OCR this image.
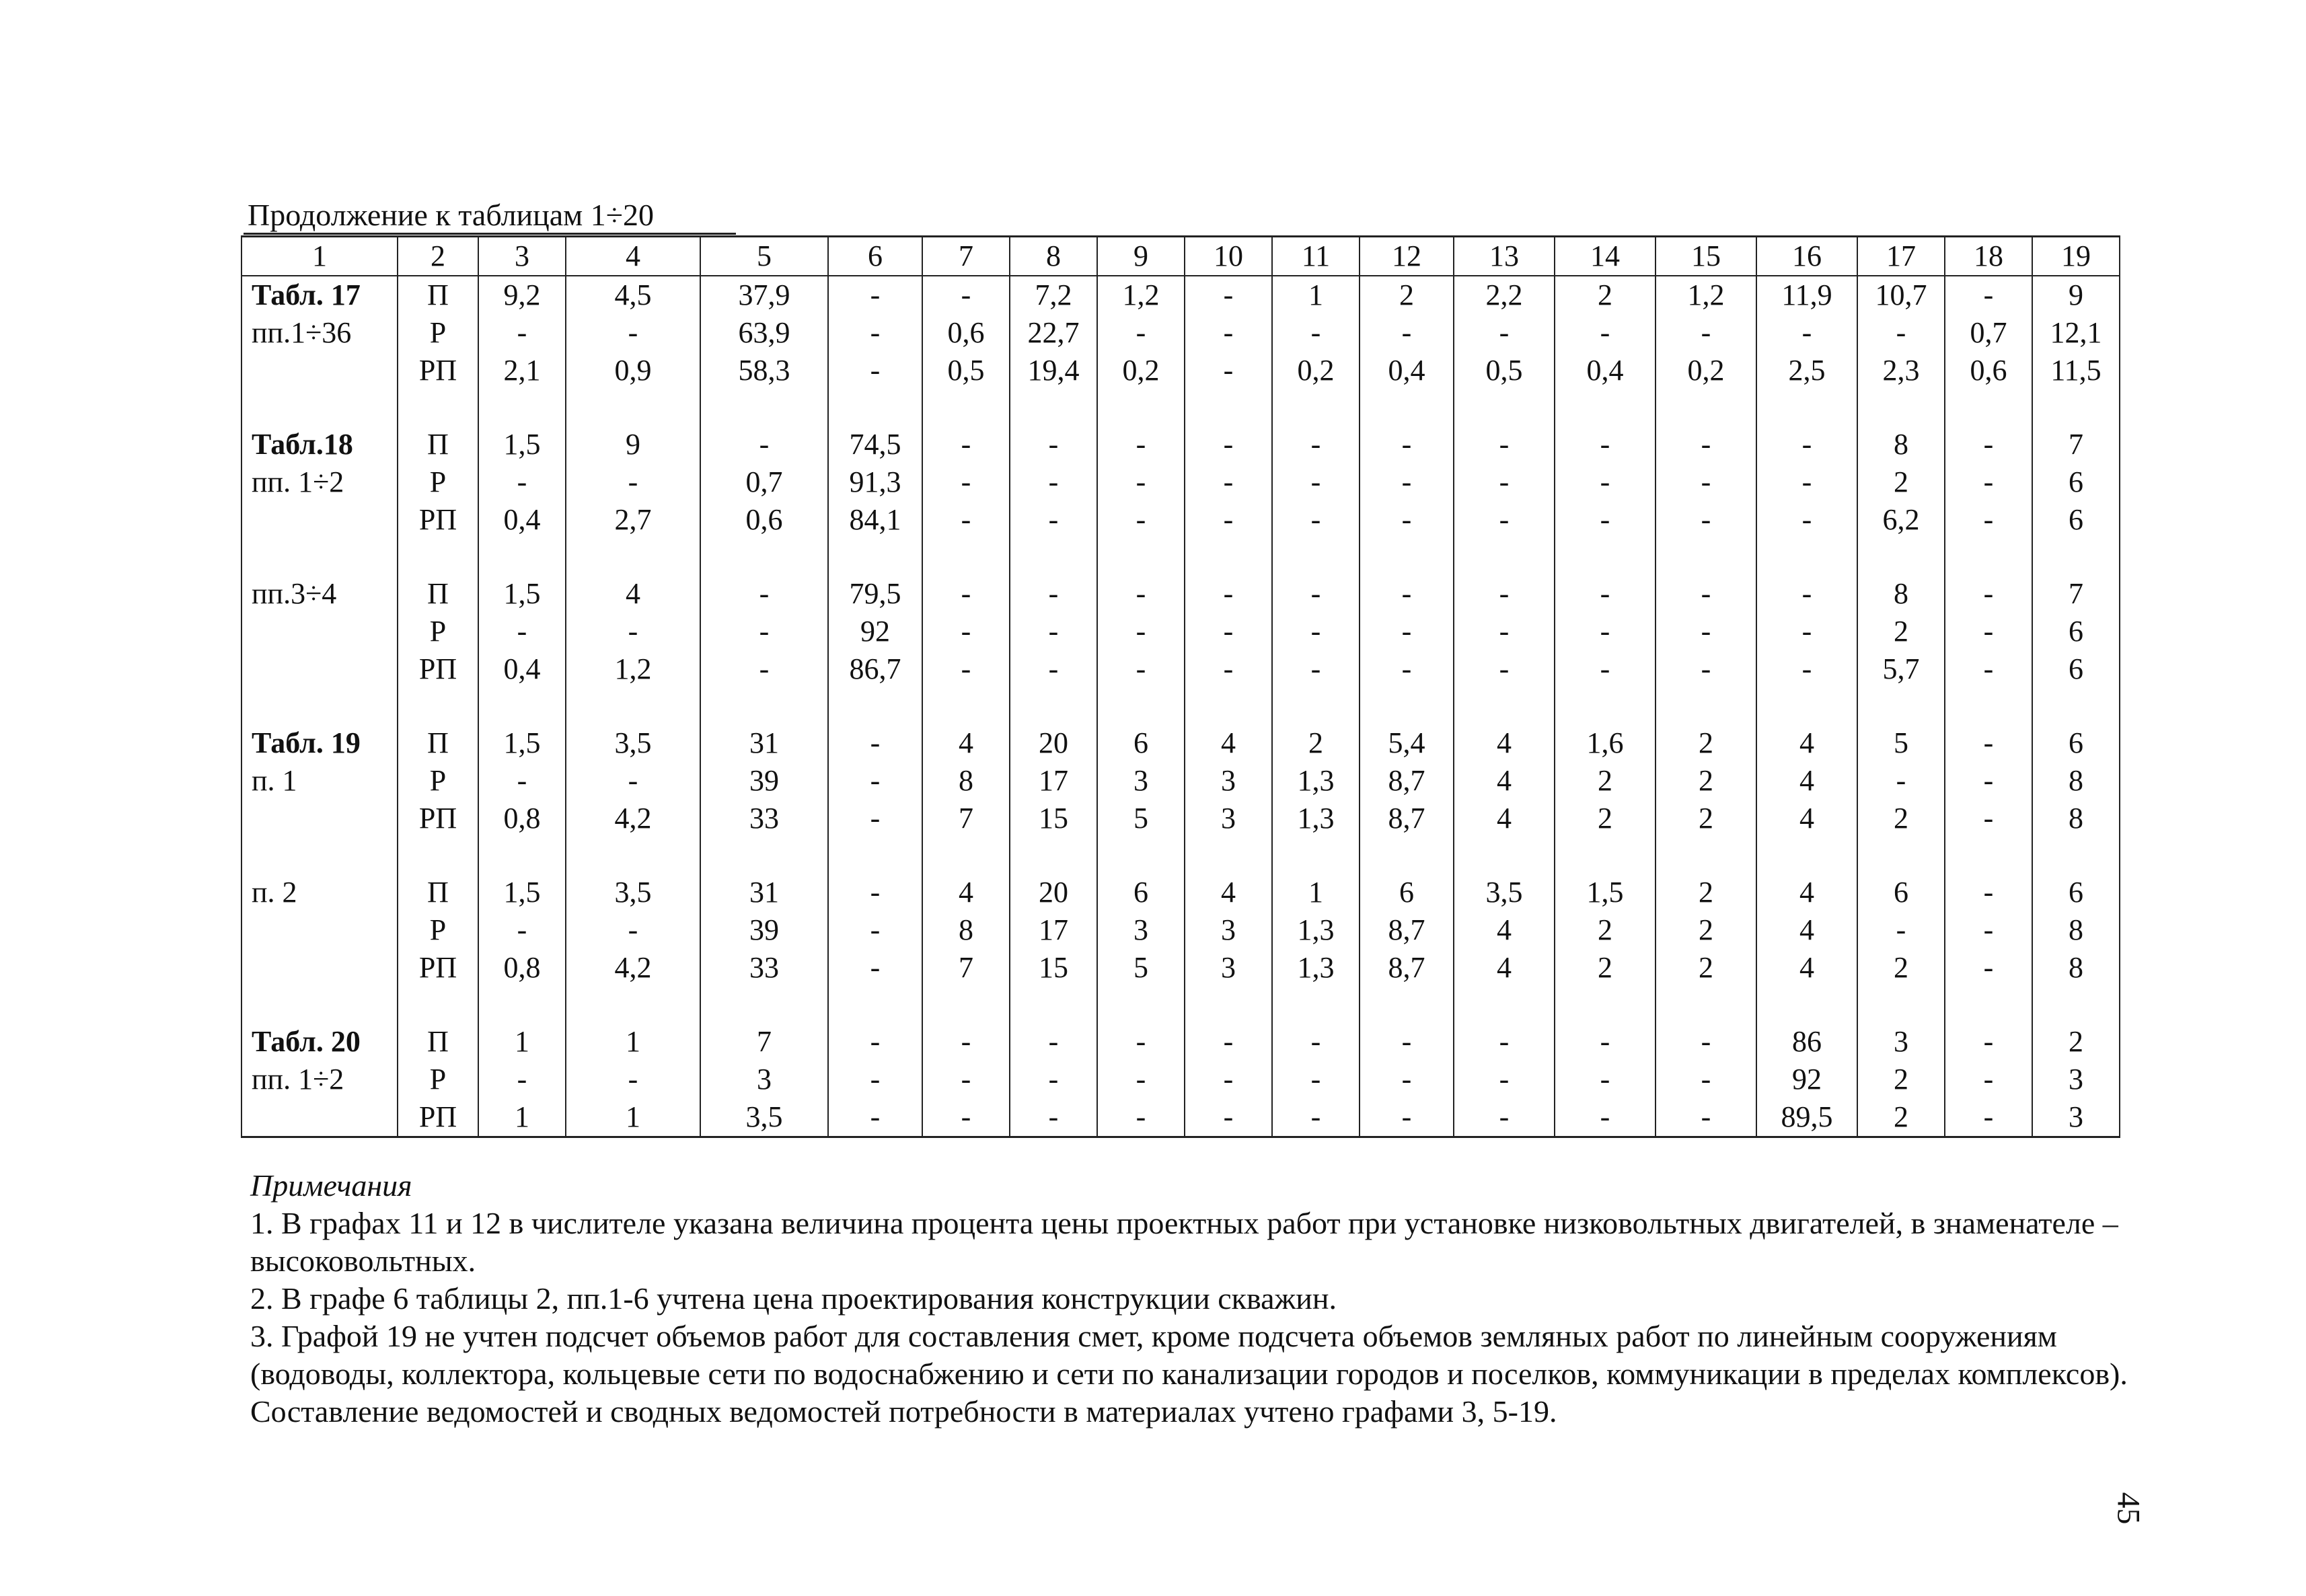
Продолжение к таблицам 1÷20
1	2	3	4	5	6	7	8	9	10	11	12	13	14	15	16	17	18	19
Табл. 17	П	9,2	4,5	37,9	-	-	7,2	1,2	-	1	2	2,2	2	1,2	11,9	10,7	-	9
пп.1÷36	Р	-	-	63,9	-	0,6	22,7	-	-	-	-	-	-	-	-	-	0,7	12,1
	РП	2,1	0,9	58,3	-	0,5	19,4	0,2	-	0,2	0,4	0,5	0,4	0,2	2,5	2,3	0,6	11,5

Табл.18	П	1,5	9	-	74,5	-	-	-	-	-	-	-	-	-	-	8	-	7
пп. 1÷2	Р	-	-	0,7	91,3	-	-	-	-	-	-	-	-	-	-	2	-	6
	РП	0,4	2,7	0,6	84,1	-	-	-	-	-	-	-	-	-	-	6,2	-	6

пп.3÷4	П	1,5	4	-	79,5	-	-	-	-	-	-	-	-	-	-	8	-	7
	Р	-	-	-	92	-	-	-	-	-	-	-	-	-	-	2	-	6
	РП	0,4	1,2	-	86,7	-	-	-	-	-	-	-	-	-	-	5,7	-	6

Табл. 19	П	1,5	3,5	31	-	4	20	6	4	2	5,4	4	1,6	2	4	5	-	6
п. 1	Р	-	-	39	-	8	17	3	3	1,3	8,7	4	2	2	4	-	-	8
	РП	0,8	4,2	33	-	7	15	5	3	1,3	8,7	4	2	2	4	2	-	8

п. 2	П	1,5	3,5	31	-	4	20	6	4	1	6	3,5	1,5	2	4	6	-	6
	Р	-	-	39	-	8	17	3	3	1,3	8,7	4	2	2	4	-	-	8
	РП	0,8	4,2	33	-	7	15	5	3	1,3	8,7	4	2	2	4	2	-	8

Табл. 20	П	1	1	7	-	-	-	-	-	-	-	-	-	-	86	3	-	2
пп. 1÷2	Р	-	-	3	-	-	-	-	-	-	-	-	-	-	92	2	-	3
	РП	1	1	3,5	-	-	-	-	-	-	-	-	-	-	89,5	2	-	3

Примечания

1. В графах 11 и 12 в числителе указана величина процента цены проектных работ при установке низковольтных двигателей, в знаменателе – высоковольтных.

2. В графе 6 таблицы 2, пп.1-6 учтена цена проектирования конструкции скважин.

3. Графой 19 не учтен подсчет объемов работ для составления смет, кроме подсчета объемов земляных работ по линейным сооружениям (водоводы, коллектора, кольцевые сети по водоснабжению и сети по канализации городов и поселков, коммуникации в пределах комплексов). Составление ведомостей и сводных ведомостей потребности в материалах учтено графами 3, 5-19.

45
